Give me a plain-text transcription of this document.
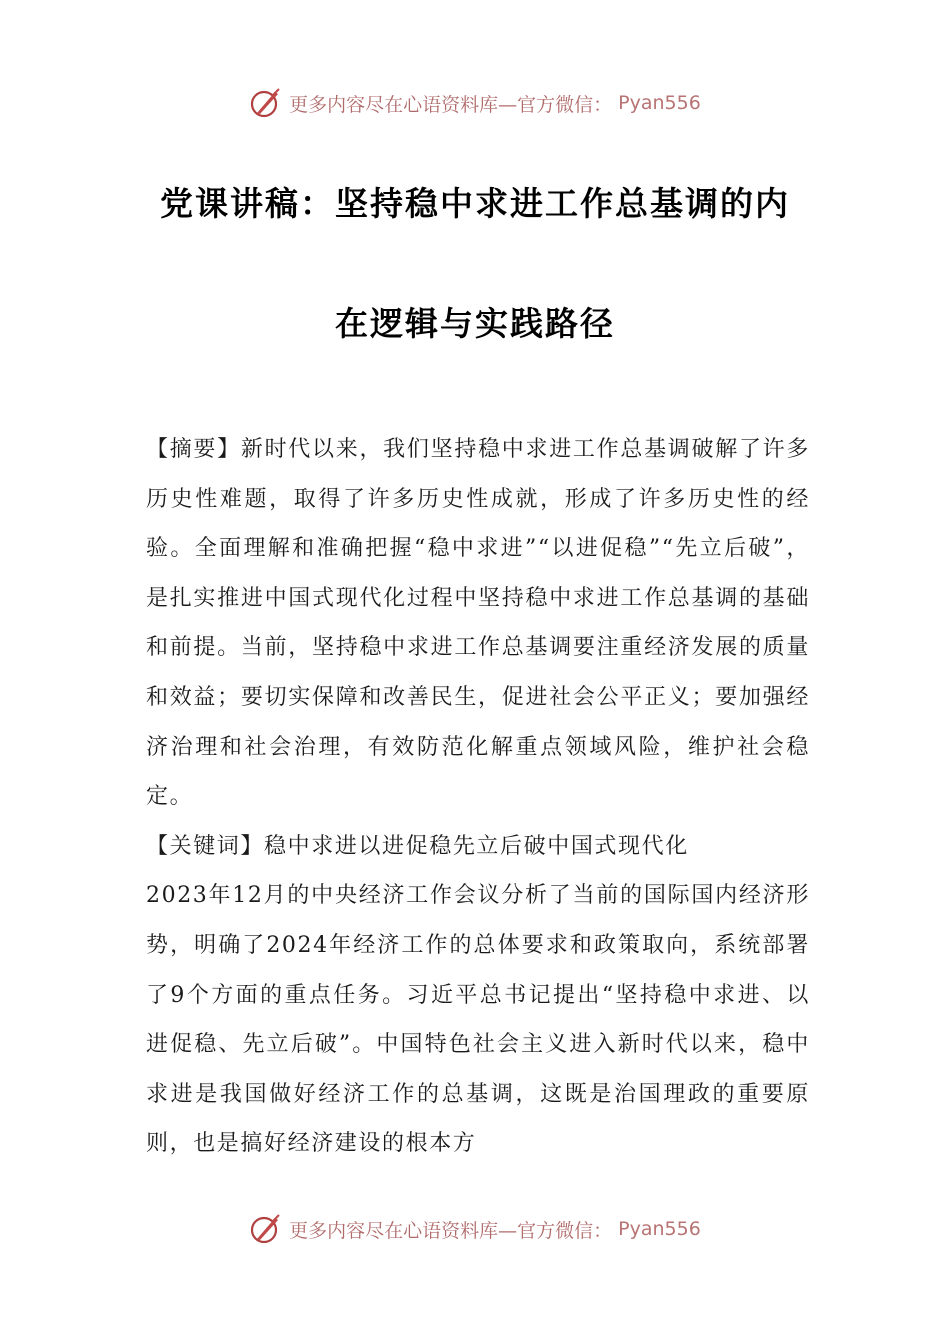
更多内容尽在心语资料库—官方微信： Pyan556
党课讲稿：坚持稳中求进工作总基调的内
在逻辑与实践路径

【摘要】新时代以来，我们坚持稳中求进工作总基调破解了许多历史性难题，取得了许多历史性成就，形成了许多历史性的经验。全面理解和准确把握“稳中求进”“以进促稳”“先立后破”，是扎实推进中国式现代化过程中坚持稳中求进工作总基调的基础和前提。当前，坚持稳中求进工作总基调要注重经济发展的质量和效益；要切实保障和改善民生，促进社会公平正义；要加强经济治理和社会治理，有效防范化解重点领域风险，维护社会稳定。

【关键词】稳中求进以进促稳先立后破中国式现代化

2023年12月的中央经济工作会议分析了当前的国际国内经济形势，明确了2024年经济工作的总体要求和政策取向，系统部署了9个方面的重点任务。习近平总书记提出“坚持稳中求进、以进促稳、先立后破”。中国特色社会主义进入新时代以来，稳中求进是我国做好经济工作的总基调，这既是治国理政的重要原则，也是搞好经济建设的根本方

更多内容尽在心语资料库—官方微信： Pyan556
